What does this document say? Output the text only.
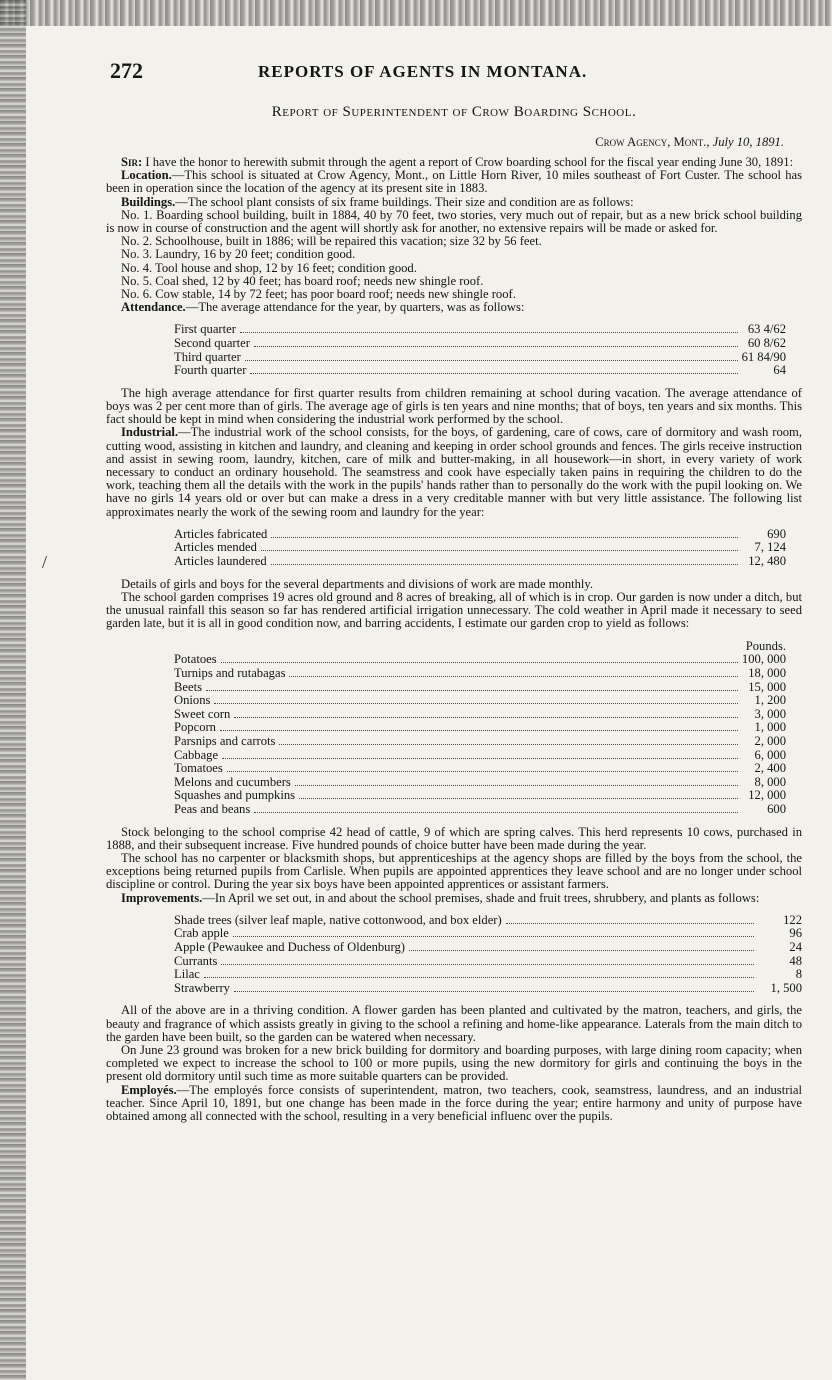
/
272	REPORTS OF AGENTS IN MONTANA.
Report of Superintendent of Crow Boarding School.
Crow Agency, Mont., July 10, 1891.

Sir: I have the honor to herewith submit through the agent a report of Crow boarding school for the fiscal year ending June 30, 1891:

Location.—This school is situated at Crow Agency, Mont., on Little Horn River, 10 miles southeast of Fort Custer. The school has been in operation since the location of the agency at its present site in 1883.

Buildings.—The school plant consists of six frame buildings. Their size and condition are as follows:

No. 1. Boarding school building, built in 1884, 40 by 70 feet, two stories, very much out of repair, but as a new brick school building is now in course of construction and the agent will shortly ask for another, no extensive repairs will be made or asked for.
No. 2. Schoolhouse, built in 1886; will be repaired this vacation; size 32 by 56 feet.
No. 3. Laundry, 16 by 20 feet; condition good.
No. 4. Tool house and shop, 12 by 16 feet; condition good.
No. 5. Coal shed, 12 by 40 feet; has board roof; needs new shingle roof.
No. 6. Cow stable, 14 by 72 feet; has poor board roof; needs new shingle roof.

Attendance.—The average attendance for the year, by quarters, was as follows:

First quarter	63 4/62
Second quarter	60 8/62
Third quarter	61 84/90
Fourth quarter	64

The high average attendance for first quarter results from children remaining at school during vacation. The average attendance of boys was 2 per cent more than of girls. The average age of girls is ten years and nine months; that of boys, ten years and six months. This fact should be kept in mind when considering the industrial work performed by the school.

Industrial.—The industrial work of the school consists, for the boys, of gardening, care of cows, care of dormitory and wash room, cutting wood, assisting in kitchen and laundry, and cleaning and keeping in order school grounds and fences. The girls receive instruction and assist in sewing room, laundry, kitchen, care of milk and butter-making, in all housework—in short, in every variety of work necessary to conduct an ordinary household. The seamstress and cook have especially taken pains in requiring the children to do the work, teaching them all the details with the work in the pupils' hands rather than to personally do the work with the pupil looking on. We have no girls 14 years old or over but can make a dress in a very creditable manner with but very little assistance. The following list approximates nearly the work of the sewing room and laundry for the year:

Articles fabricated	690
Articles mended	7, 124
Articles laundered	12, 480

Details of girls and boys for the several departments and divisions of work are made monthly.

The school garden comprises 19 acres old ground and 8 acres of breaking, all of which is in crop. Our garden is now under a ditch, but the unusual rainfall this season so far has rendered artificial irrigation unnecessary. The cold weather in April made it necessary to seed garden late, but it is all in good condition now, and barring accidents, I estimate our garden crop to yield as follows:

Pounds.
Potatoes	100, 000
Turnips and rutabagas	18, 000
Beets	15, 000
Onions	1, 200
Sweet corn	3, 000
Popcorn	1, 000
Parsnips and carrots	2, 000
Cabbage	6, 000
Tomatoes	2, 400
Melons and cucumbers	8, 000
Squashes and pumpkins	12, 000
Peas and beans	600

Stock belonging to the school comprise 42 head of cattle, 9 of which are spring calves. This herd represents 10 cows, purchased in 1888, and their subsequent increase. Five hundred pounds of choice butter have been made during the year.

The school has no carpenter or blacksmith shops, but apprenticeships at the agency shops are filled by the boys from the school, the exceptions being returned pupils from Carlisle. When pupils are appointed apprentices they leave school and are no longer under school discipline or control. During the year six boys have been appointed apprentices or assistant farmers.

Improvements.—In April we set out, in and about the school premises, shade and fruit trees, shrubbery, and plants as follows:

Shade trees (silver leaf maple, native cottonwood, and box elder)	122
Crab apple	96
Apple (Pewaukee and Duchess of Oldenburg)	24
Currants	48
Lilac	8
Strawberry	1, 500

All of the above are in a thriving condition. A flower garden has been planted and cultivated by the matron, teachers, and girls, the beauty and fragrance of which assists greatly in giving to the school a refining and home-like appearance. Laterals from the main ditch to the garden have been built, so the garden can be watered when necessary.

On June 23 ground was broken for a new brick building for dormitory and boarding purposes, with large dining room capacity; when completed we expect to increase the school to 100 or more pupils, using the new dormitory for girls and continuing the boys in the present old dormitory until such time as more suitable quarters can be provided.

Employés.—The employés force consists of superintendent, matron, two teachers, cook, seamstress, laundress, and an industrial teacher. Since April 10, 1891, but one change has been made in the force during the year; entire harmony and unity of purpose have obtained among all connected with the school, resulting in a very beneficial influenc over the pupils.
